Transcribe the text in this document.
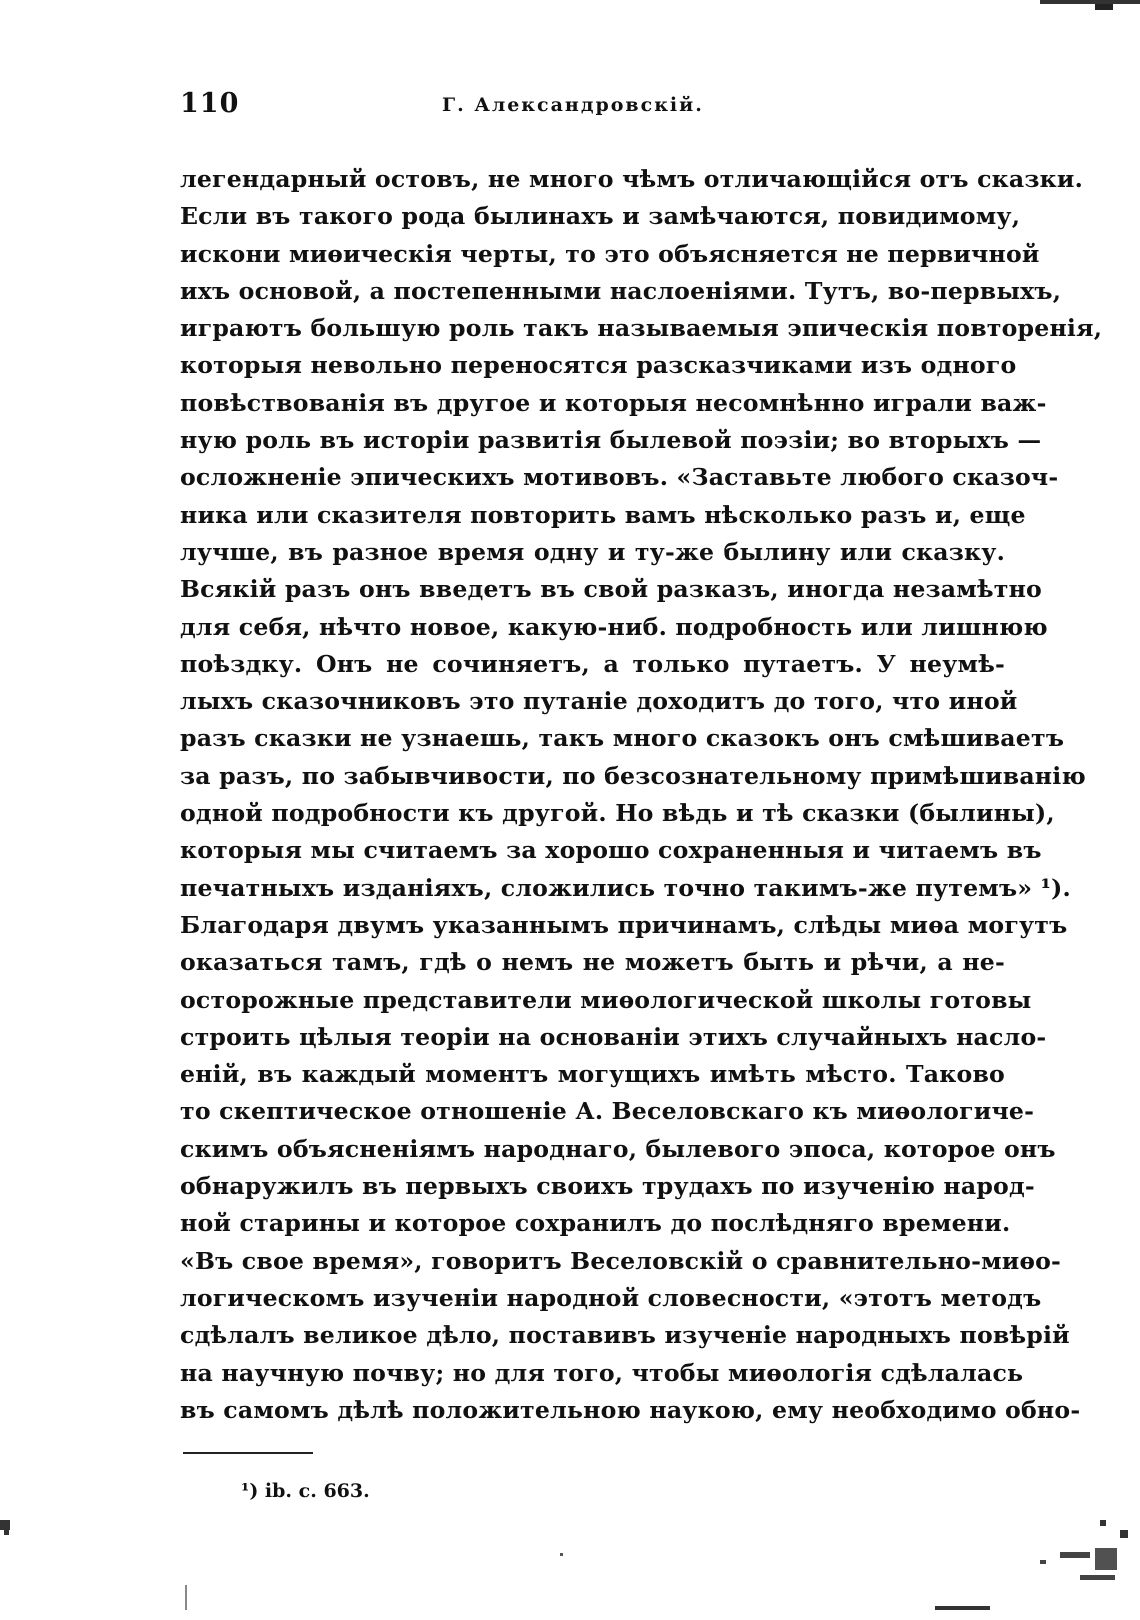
110	Г. Александровскій.
легендарный остовъ, не много чѣмъ отличающійся отъ сказки.
Если въ такого рода былинахъ и замѣчаются, повидимому,
искони миѳическія черты, то это объясняется не первичной
ихъ основой, а постепенными наслоеніями. Тутъ, во-первыхъ,
играютъ большую роль такъ называемыя эпическія повторенія,
которыя невольно переносятся разсказчиками изъ одного
повѣствованія въ другое и которыя несомнѣнно играли важ-
ную роль въ исторіи развитія былевой поэзіи; во вторыхъ —
осложненіе эпическихъ мотивовъ. «Заставьте любого сказоч-
ника или сказителя повторить вамъ нѣсколько разъ и, еще
лучше, въ разное время одну и ту-же былину или сказку.
Всякій разъ онъ введетъ въ свой разказъ, иногда незамѣтно
для себя, нѣчто новое, какую-ниб. подробность или лишнюю
поѣздку. Онъ не сочиняетъ, а только путаетъ. У неумѣ-
лыхъ сказочниковъ это путаніе доходитъ до того, что иной
разъ сказки не узнаешь, такъ много сказокъ онъ смѣшиваетъ
за разъ, по забывчивости, по безсознательному примѣшиванію
одной подробности къ другой. Но вѣдь и тѣ сказки (былины),
которыя мы считаемъ за хорошо сохраненныя и читаемъ въ
печатныхъ изданіяхъ, сложились точно такимъ-же путемъ» ¹).
Благодаря двумъ указаннымъ причинамъ, слѣды миѳа могутъ
оказаться тамъ, гдѣ о немъ не можетъ быть и рѣчи, а не-
осторожные представители миѳологической школы готовы
строить цѣлыя теоріи на основаніи этихъ случайныхъ насло-
еній, въ каждый моментъ могущихъ имѣть мѣсто. Таково
то скептическое отношеніе А. Веселовскаго къ миѳологиче-
скимъ объясненіямъ народнаго, былевого эпоса, которое онъ
обнаружилъ въ первыхъ своихъ трудахъ по изученію народ-
ной старины и которое сохранилъ до послѣдняго времени.
«Въ свое время», говоритъ Веселовскій о сравнительно-миѳо-
логическомъ изученіи народной словесности, «этотъ методъ
сдѣлалъ великое дѣло, поставивъ изученіе народныхъ повѣрій
на научную почву; но для того, чтобы миѳологія сдѣлалась
въ самомъ дѣлѣ положительною наукою, ему необходимо обно-
¹) ib. c. 663.
